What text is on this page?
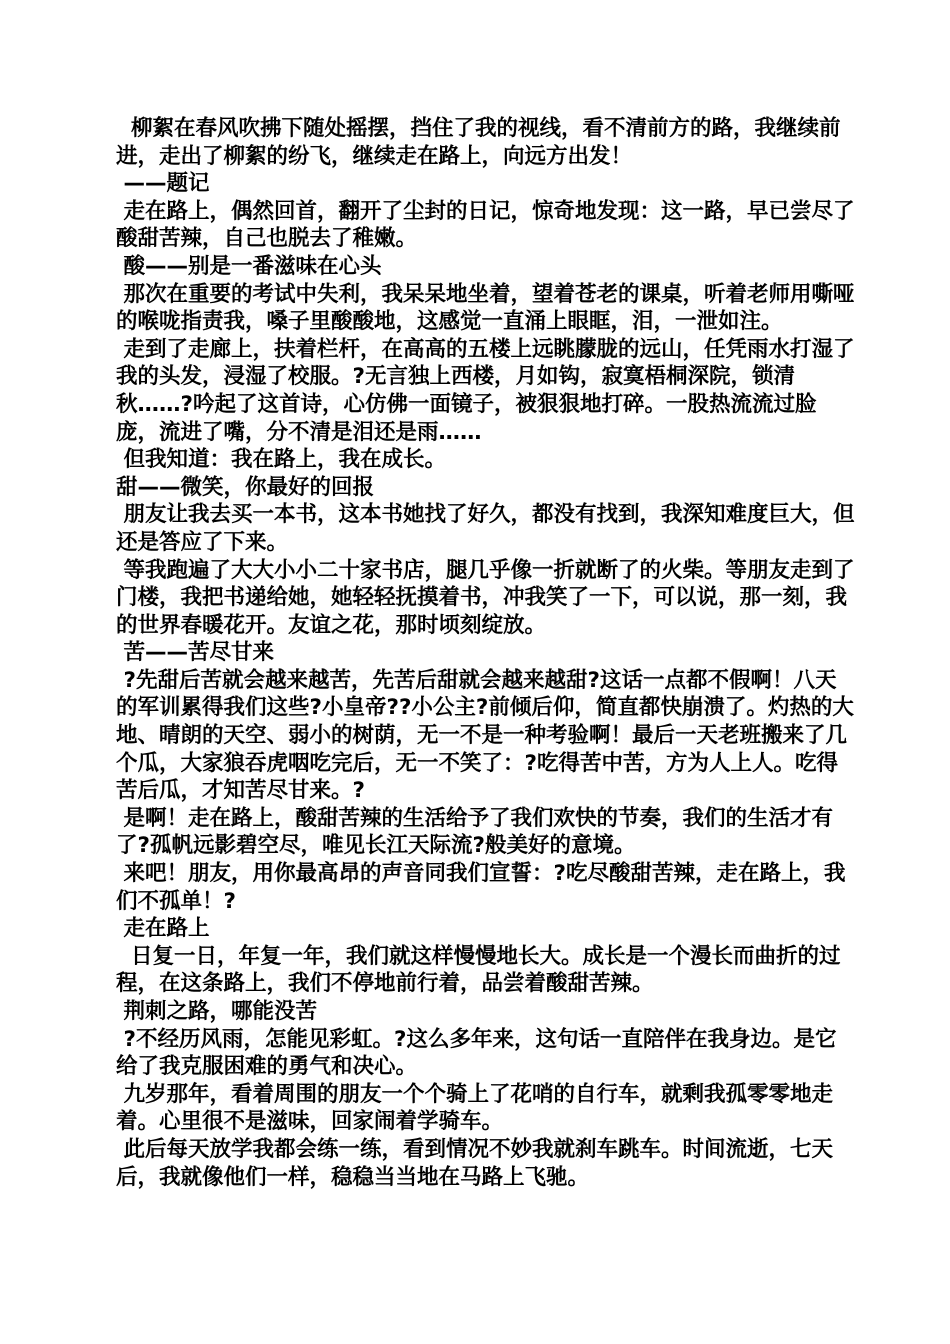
柳絮在春风吹拂下随处摇摆，挡住了我的视线，看不清前方的路，我继续前进，走出了柳絮的纷飞，继续走在路上，向远方出发！

——题记

走在路上，偶然回首，翻开了尘封的日记，惊奇地发现：这一路，早已尝尽了酸甜苦辣，自己也脱去了稚嫩。

酸——别是一番滋味在心头

那次在重要的考试中失利，我呆呆地坐着，望着苍老的课桌，听着老师用嘶哑的喉咙指责我，嗓子里酸酸地，这感觉一直涌上眼眶，泪，一泄如注。

走到了走廊上，扶着栏杆，在高高的五楼上远眺朦胧的远山，任凭雨水打湿了我的头发，浸湿了校服。?无言独上西楼，月如钩，寂寞梧桐深院，锁清秋……?吟起了这首诗，心仿佛一面镜子，被狠狠地打碎。一股热流流过脸庞，流进了嘴，分不清是泪还是雨……

但我知道：我在路上，我在成长。

甜——微笑，你最好的回报

朋友让我去买一本书，这本书她找了好久，都没有找到，我深知难度巨大，但还是答应了下来。

等我跑遍了大大小小二十家书店，腿几乎像一折就断了的火柴。等朋友走到了门楼，我把书递给她，她轻轻抚摸着书，冲我笑了一下，可以说，那一刻，我的世界春暖花开。友谊之花，那时顷刻绽放。

苦——苦尽甘来

?先甜后苦就会越来越苦，先苦后甜就会越来越甜?这话一点都不假啊！八天的军训累得我们这些?小皇帝??小公主?前倾后仰，简直都快崩溃了。灼热的大地、晴朗的天空、弱小的树荫，无一不是一种考验啊！最后一天老班搬来了几个瓜，大家狼吞虎咽吃完后，无一不笑了：?吃得苦中苦，方为人上人。吃得苦后瓜，才知苦尽甘来。?

是啊！走在路上，酸甜苦辣的生活给予了我们欢快的节奏，我们的生活才有了?孤帆远影碧空尽，唯见长江天际流?般美好的意境。

来吧！朋友，用你最高昂的声音同我们宣誓：?吃尽酸甜苦辣，走在路上，我们不孤单！?

走在路上

日复一日，年复一年，我们就这样慢慢地长大。成长是一个漫长而曲折的过程，在这条路上，我们不停地前行着，品尝着酸甜苦辣。

荆刺之路，哪能没苦

?不经历风雨，怎能见彩虹。?这么多年来，这句话一直陪伴在我身边。是它给了我克服困难的勇气和决心。

九岁那年，看着周围的朋友一个个骑上了花哨的自行车，就剩我孤零零地走着。心里很不是滋味，回家闹着学骑车。

此后每天放学我都会练一练，看到情况不妙我就刹车跳车。时间流逝，七天后，我就像他们一样，稳稳当当地在马路上飞驰。
